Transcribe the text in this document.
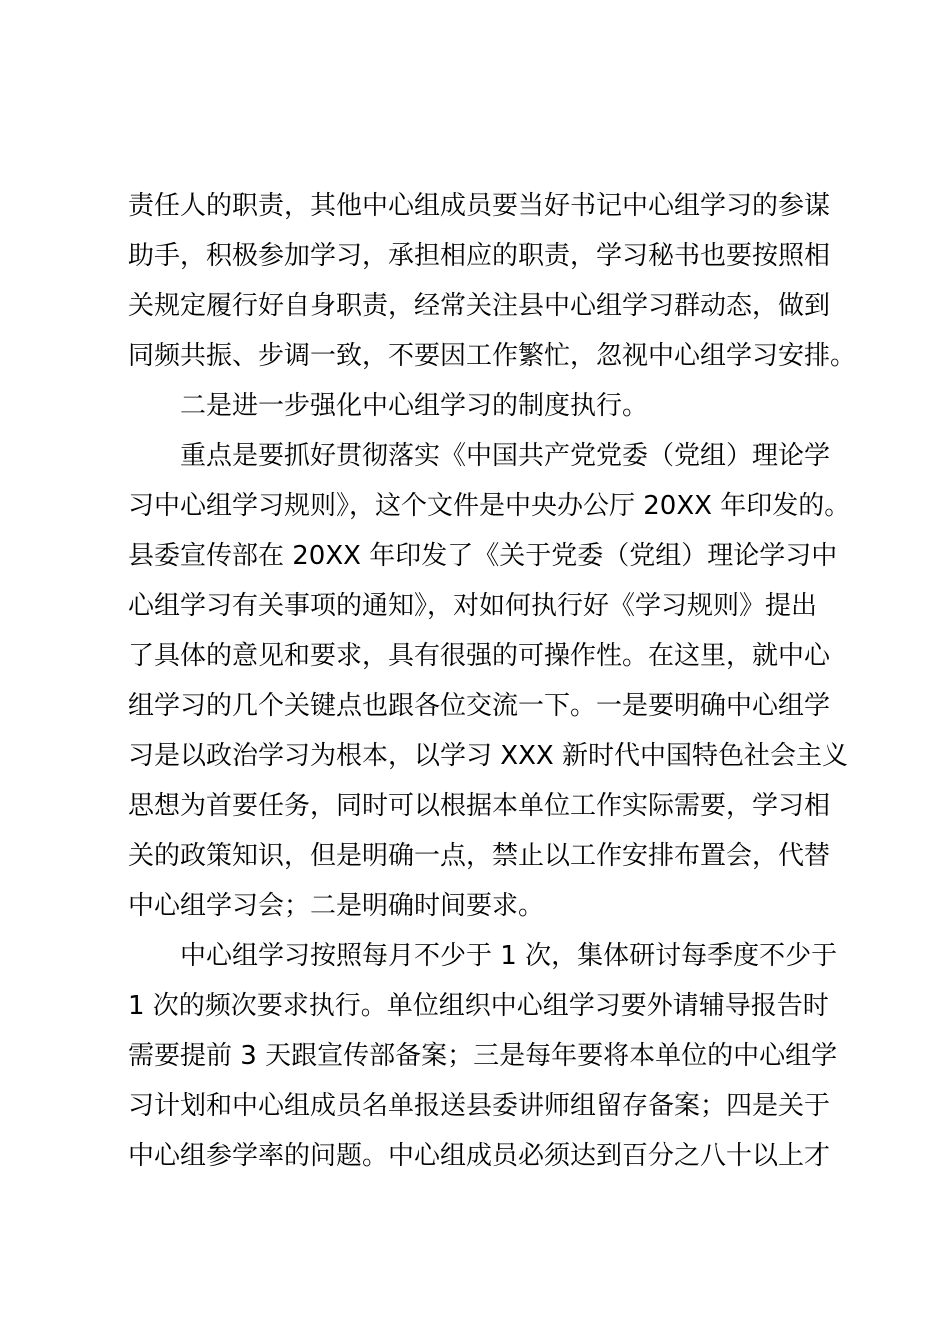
责任人的职责，其他中心组成员要当好书记中心组学习的参谋
助手，积极参加学习，承担相应的职责，学习秘书也要按照相
关规定履行好自身职责，经常关注县中心组学习群动态，做到
同频共振、步调一致，不要因工作繁忙，忽视中心组学习安排。
二是进一步强化中心组学习的制度执行。
重点是要抓好贯彻落实《中国共产党党委（党组）理论学
习中心组学习规则》，这个文件是中央办公厅 20XX 年印发的。
县委宣传部在 20XX 年印发了《关于党委（党组）理论学习中
心组学习有关事项的通知》，对如何执行好《学习规则》提出
了具体的意见和要求，具有很强的可操作性。在这里，就中心
组学习的几个关键点也跟各位交流一下。一是要明确中心组学
习是以政治学习为根本，以学习 XXX 新时代中国特色社会主义
思想为首要任务，同时可以根据本单位工作实际需要，学习相
关的政策知识，但是明确一点，禁止以工作安排布置会，代替
中心组学习会；二是明确时间要求。
中心组学习按照每月不少于 1 次，集体研讨每季度不少于
1 次的频次要求执行。单位组织中心组学习要外请辅导报告时
需要提前 3 天跟宣传部备案；三是每年要将本单位的中心组学
习计划和中心组成员名单报送县委讲师组留存备案；四是关于
中心组参学率的问题。中心组成员必须达到百分之八十以上才
